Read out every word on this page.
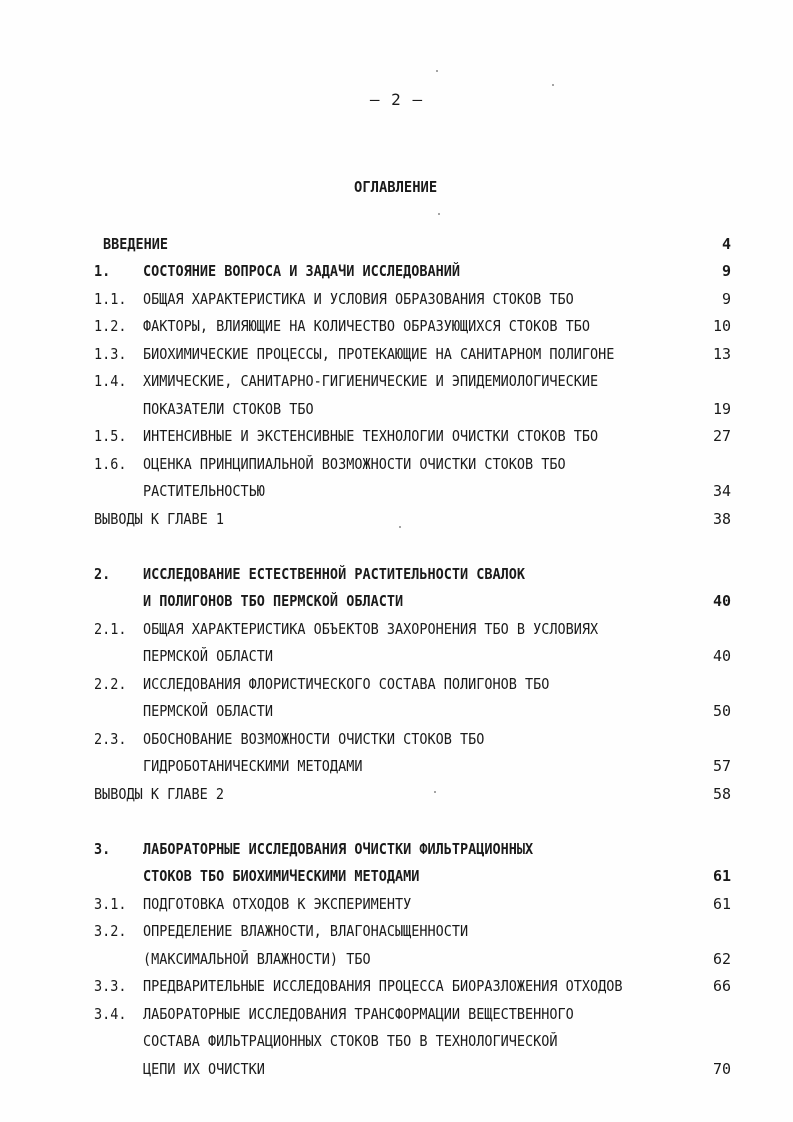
– 2 –
ОГЛАВЛЕНИЕ
ВВЕДЕНИЕ	4
1. СОСТОЯНИЕ ВОПРОСА И ЗАДАЧИ ИССЛЕДОВАНИЙ	9
1.1. ОБЩАЯ ХАРАКТЕРИСТИКА И УСЛОВИЯ ОБРАЗОВАНИЯ СТОКОВ ТБО	9
1.2. ФАКТОРЫ, ВЛИЯЮЩИЕ НА КОЛИЧЕСТВО ОБРАЗУЮЩИХСЯ СТОКОВ ТБО	10
1.3. БИОХИМИЧЕСКИЕ ПРОЦЕССЫ, ПРОТЕКАЮЩИЕ НА САНИТАРНОМ ПОЛИГОНЕ	13
1.4. ХИМИЧЕСКИЕ, САНИТАРНО-ГИГИЕНИЧЕСКИЕ И ЭПИДЕМИОЛОГИЧЕСКИЕ
ПОКАЗАТЕЛИ СТОКОВ ТБО	19
1.5. ИНТЕНСИВНЫЕ И ЭКСТЕНСИВНЫЕ ТЕХНОЛОГИИ ОЧИСТКИ СТОКОВ ТБО	27
1.6. ОЦЕНКА ПРИНЦИПИАЛЬНОЙ ВОЗМОЖНОСТИ ОЧИСТКИ СТОКОВ ТБО
РАСТИТЕЛЬНОСТЬЮ	34
ВЫВОДЫ К ГЛАВЕ 1	38
2. ИССЛЕДОВАНИЕ ЕСТЕСТВЕННОЙ РАСТИТЕЛЬНОСТИ СВАЛОК
И ПОЛИГОНОВ ТБО ПЕРМСКОЙ ОБЛАСТИ	40
2.1. ОБЩАЯ ХАРАКТЕРИСТИКА ОБЪЕКТОВ ЗАХОРОНЕНИЯ ТБО В УСЛОВИЯХ
ПЕРМСКОЙ ОБЛАСТИ	40
2.2. ИССЛЕДОВАНИЯ ФЛОРИСТИЧЕСКОГО СОСТАВА ПОЛИГОНОВ ТБО
ПЕРМСКОЙ ОБЛАСТИ	50
2.3. ОБОСНОВАНИЕ ВОЗМОЖНОСТИ ОЧИСТКИ СТОКОВ ТБО
ГИДРОБОТАНИЧЕСКИМИ МЕТОДАМИ	57
ВЫВОДЫ К ГЛАВЕ 2	58
3. ЛАБОРАТОРНЫЕ ИССЛЕДОВАНИЯ ОЧИСТКИ ФИЛЬТРАЦИОННЫХ
СТОКОВ ТБО БИОХИМИЧЕСКИМИ МЕТОДАМИ	61
3.1. ПОДГОТОВКА ОТХОДОВ К ЭКСПЕРИМЕНТУ	61
3.2. ОПРЕДЕЛЕНИЕ ВЛАЖНОСТИ, ВЛАГОНАСЫЩЕННОСТИ
(МАКСИМАЛЬНОЙ ВЛАЖНОСТИ) ТБО	62
3.3. ПРЕДВАРИТЕЛЬНЫЕ ИССЛЕДОВАНИЯ ПРОЦЕССА БИОРАЗЛОЖЕНИЯ ОТХОДОВ	66
3.4. ЛАБОРАТОРНЫЕ ИССЛЕДОВАНИЯ ТРАНСФОРМАЦИИ ВЕЩЕСТВЕННОГО
СОСТАВА ФИЛЬТРАЦИОННЫХ СТОКОВ ТБО В ТЕХНОЛОГИЧЕСКОЙ
ЦЕПИ ИХ ОЧИСТКИ	70
